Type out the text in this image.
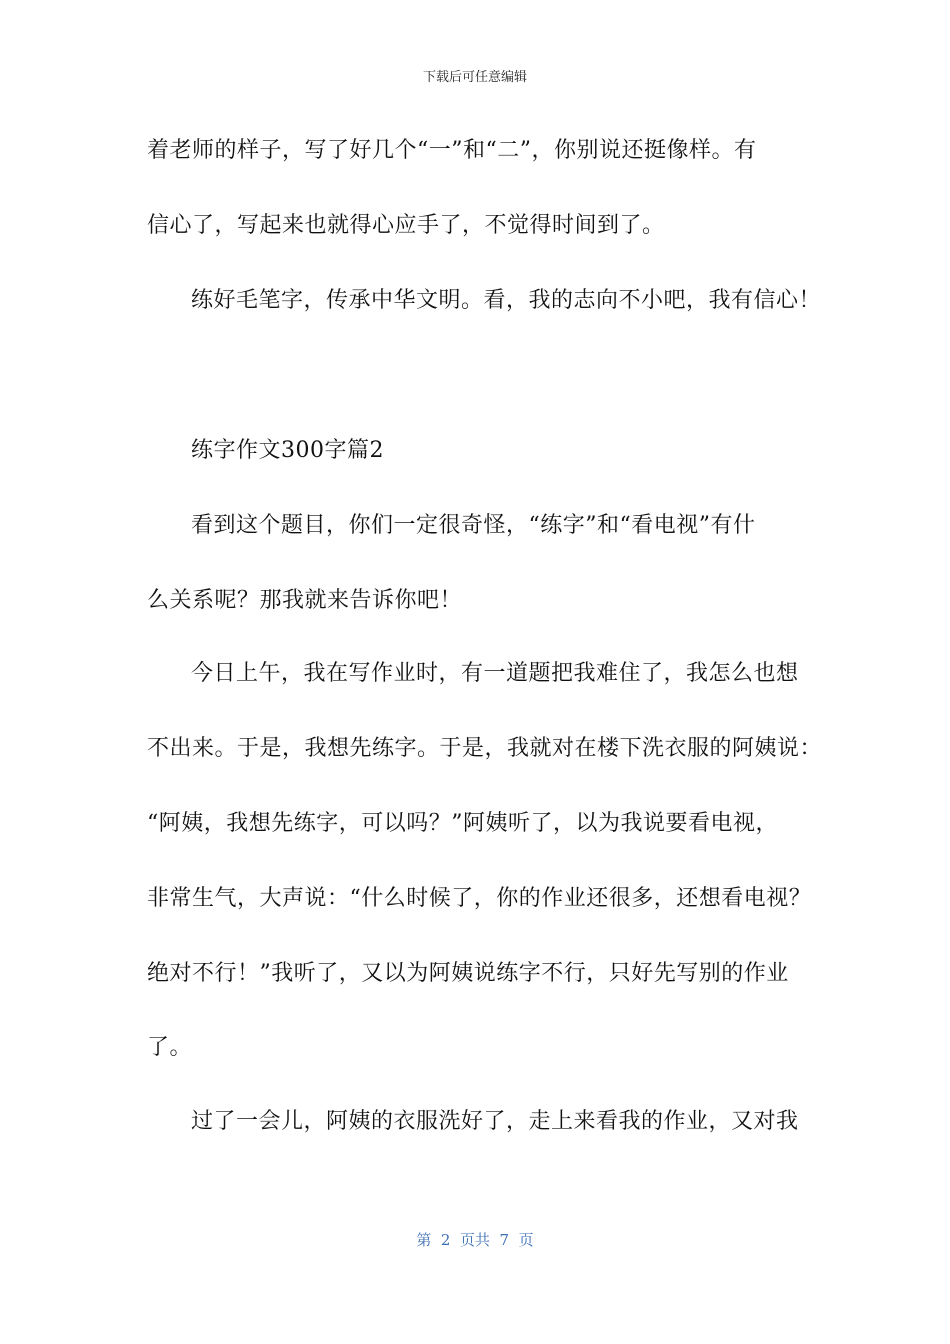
下载后可任意编辑
着老师的样子，写了好几个“一”和“二”，你别说还挺像样。有
信心了，写起来也就得心应手了，不觉得时间到了。
练好毛笔字，传承中华文明。看，我的志向不小吧，我有信心！
练字作文300字篇2
看到这个题目，你们一定很奇怪，“练字”和“看电视”有什
么关系呢？那我就来告诉你吧！
今日上午，我在写作业时，有一道题把我难住了，我怎么也想
不出来。于是，我想先练字。于是，我就对在楼下洗衣服的阿姨说：
“阿姨，我想先练字，可以吗？”阿姨听了，以为我说要看电视，
非常生气，大声说：“什么时候了，你的作业还很多，还想看电视？
绝对不行！”我听了，又以为阿姨说练字不行，只好先写别的作业
了。
过了一会儿，阿姨的衣服洗好了，走上来看我的作业，又对我
第  2  页共  7  页
